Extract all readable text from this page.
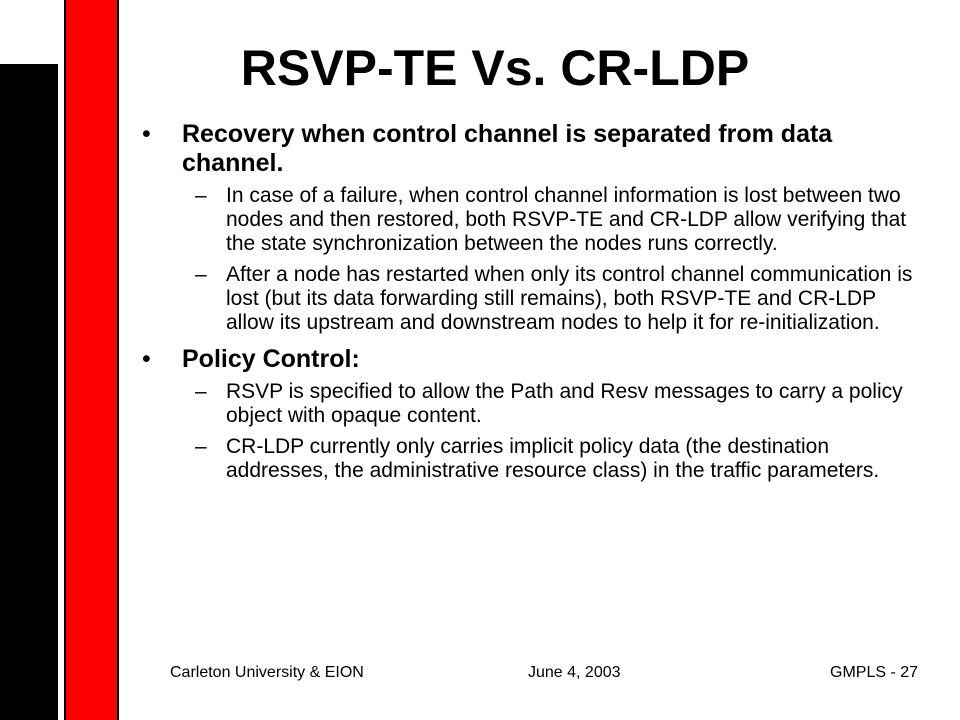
RSVP-TE Vs. CR-LDP
• Recovery when control channel is separated from data channel.
– In case of a failure, when control channel information is lost between two nodes and then restored, both RSVP-TE and CR-LDP allow verifying that the state synchronization between the nodes runs correctly.
– After a node has restarted when only its control channel communication is lost (but its data forwarding still remains), both RSVP-TE and CR-LDP allow its upstream and downstream nodes to help it for re-initialization.
• Policy Control:
– RSVP is specified to allow the Path and Resv messages to carry a policy object with opaque content.
– CR-LDP currently only carries implicit policy data (the destination addresses, the administrative resource class) in the traffic parameters.
Carleton University & EION	June 4, 2003	GMPLS - 27
